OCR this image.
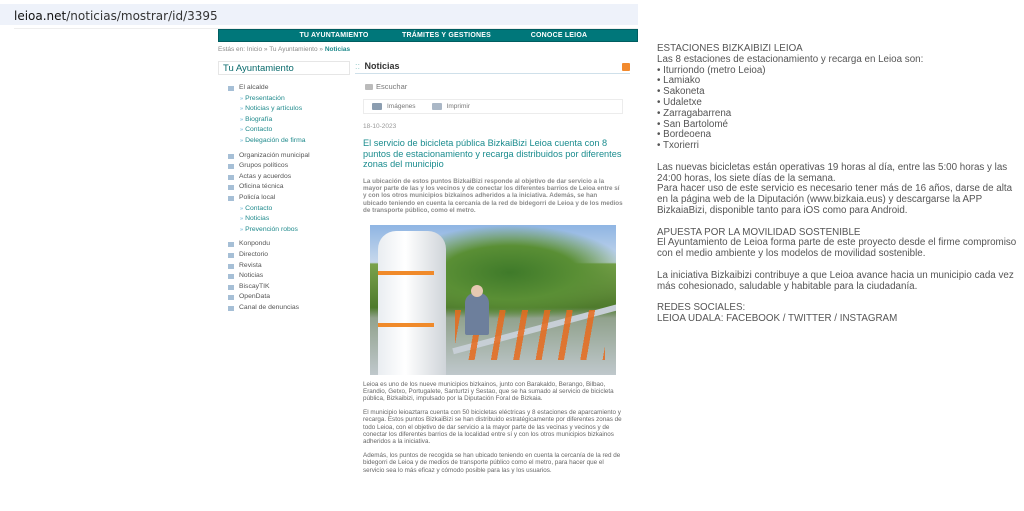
leioa.net/noticias/mostrar/id/3395
TU AYUNTAMIENTO	TRÁMITES Y GESTIONES	CONOCE LEIOA
Estás en: Inicio » Tu Ayuntamiento » Noticias
Tu Ayuntamiento
El alcalde
» Presentación
» Noticias y artículos
» Biografía
» Contacto
» Delegación de firma
Organización municipal
Grupos políticos
Actas y acuerdos
Oficina técnica
Policía local
» Contacto
» Noticias
» Prevención robos
Konpondu
Directorio
Revista
Noticias
BiscayTIK
OpenData
Canal de denuncias
:: Noticias
Escuchar
Imágenes	Imprimir
18-10-2023
El servicio de bicicleta pública BizkaiBizi Leioa cuenta con 8 puntos de estacionamiento y recarga distribuidos por diferentes zonas del municipio
La ubicación de estos puntos BizkaiBizi responde al objetivo de dar servicio a la mayor parte de las y los vecinos y de conectar los diferentes barrios de Leioa entre sí y con los otros municipios bizkainos adheridos a la iniciativa. Además, se han ubicado teniendo en cuenta la cercanía de la red de bidegorri de Leioa y de los medios de transporte público, como el metro.

Leioa es uno de los nueve municipios bizkainos, junto con Barakaldo, Berango, Bilbao, Erandio, Getxo, Portugalete, Santurtzi y Sestao, que se ha sumado al servicio de bicicleta pública, Bizkaibizi, impulsado por la Diputación Foral de Bizkaia.

El municipio leioaztarra cuenta con 50 bicicletas eléctricas y 8 estaciones de aparcamiento y recarga. Estos puntos BizkaiBizi se han distribuido estratégicamente por diferentes zonas de todo Leioa, con el objetivo de dar servicio a la mayor parte de las vecinas y vecinos y de conectar los diferentes barrios de la localidad entre sí y con los otros municipios bizkainos adheridos a la iniciativa.

Además, los puntos de recogida se han ubicado teniendo en cuenta la cercanía de la red de bidegorri de Leioa y de medios de transporte público como el metro, para hacer que el servicio sea lo más eficaz y cómodo posible para las y los usuarios.

ESTACIONES BIZKAIBIZI LEIOA
Las 8 estaciones de estacionamiento y recarga en Leioa son:
• Iturriondo (metro Leioa)
• Lamiako
• Sakoneta
• Udaletxe
• Zarragabarrena
• San Bartolomé
• Bordeoena
• Txorierri
Las nuevas bicicletas están operativas 19 horas al día, entre las 5:00 horas y las 24:00 horas, los siete días de la semana.
Para hacer uso de este servicio es necesario tener más de 16 años, darse de alta en la página web de la Diputación (www.bizkaia.eus) y descargarse la APP BizkaiaBizi, disponible tanto para iOS como para Android.
APUESTA POR LA MOVILIDAD SOSTENIBLE
El Ayuntamiento de Leioa forma parte de este proyecto desde el firme compromiso con el medio ambiente y los modelos de movilidad sostenible.
La iniciativa Bizkaibizi contribuye a que Leioa avance hacia un municipio cada vez más cohesionado, saludable y habitable para la ciudadanía.
REDES SOCIALES:
LEIOA UDALA: FACEBOOK / TWITTER / INSTAGRAM
